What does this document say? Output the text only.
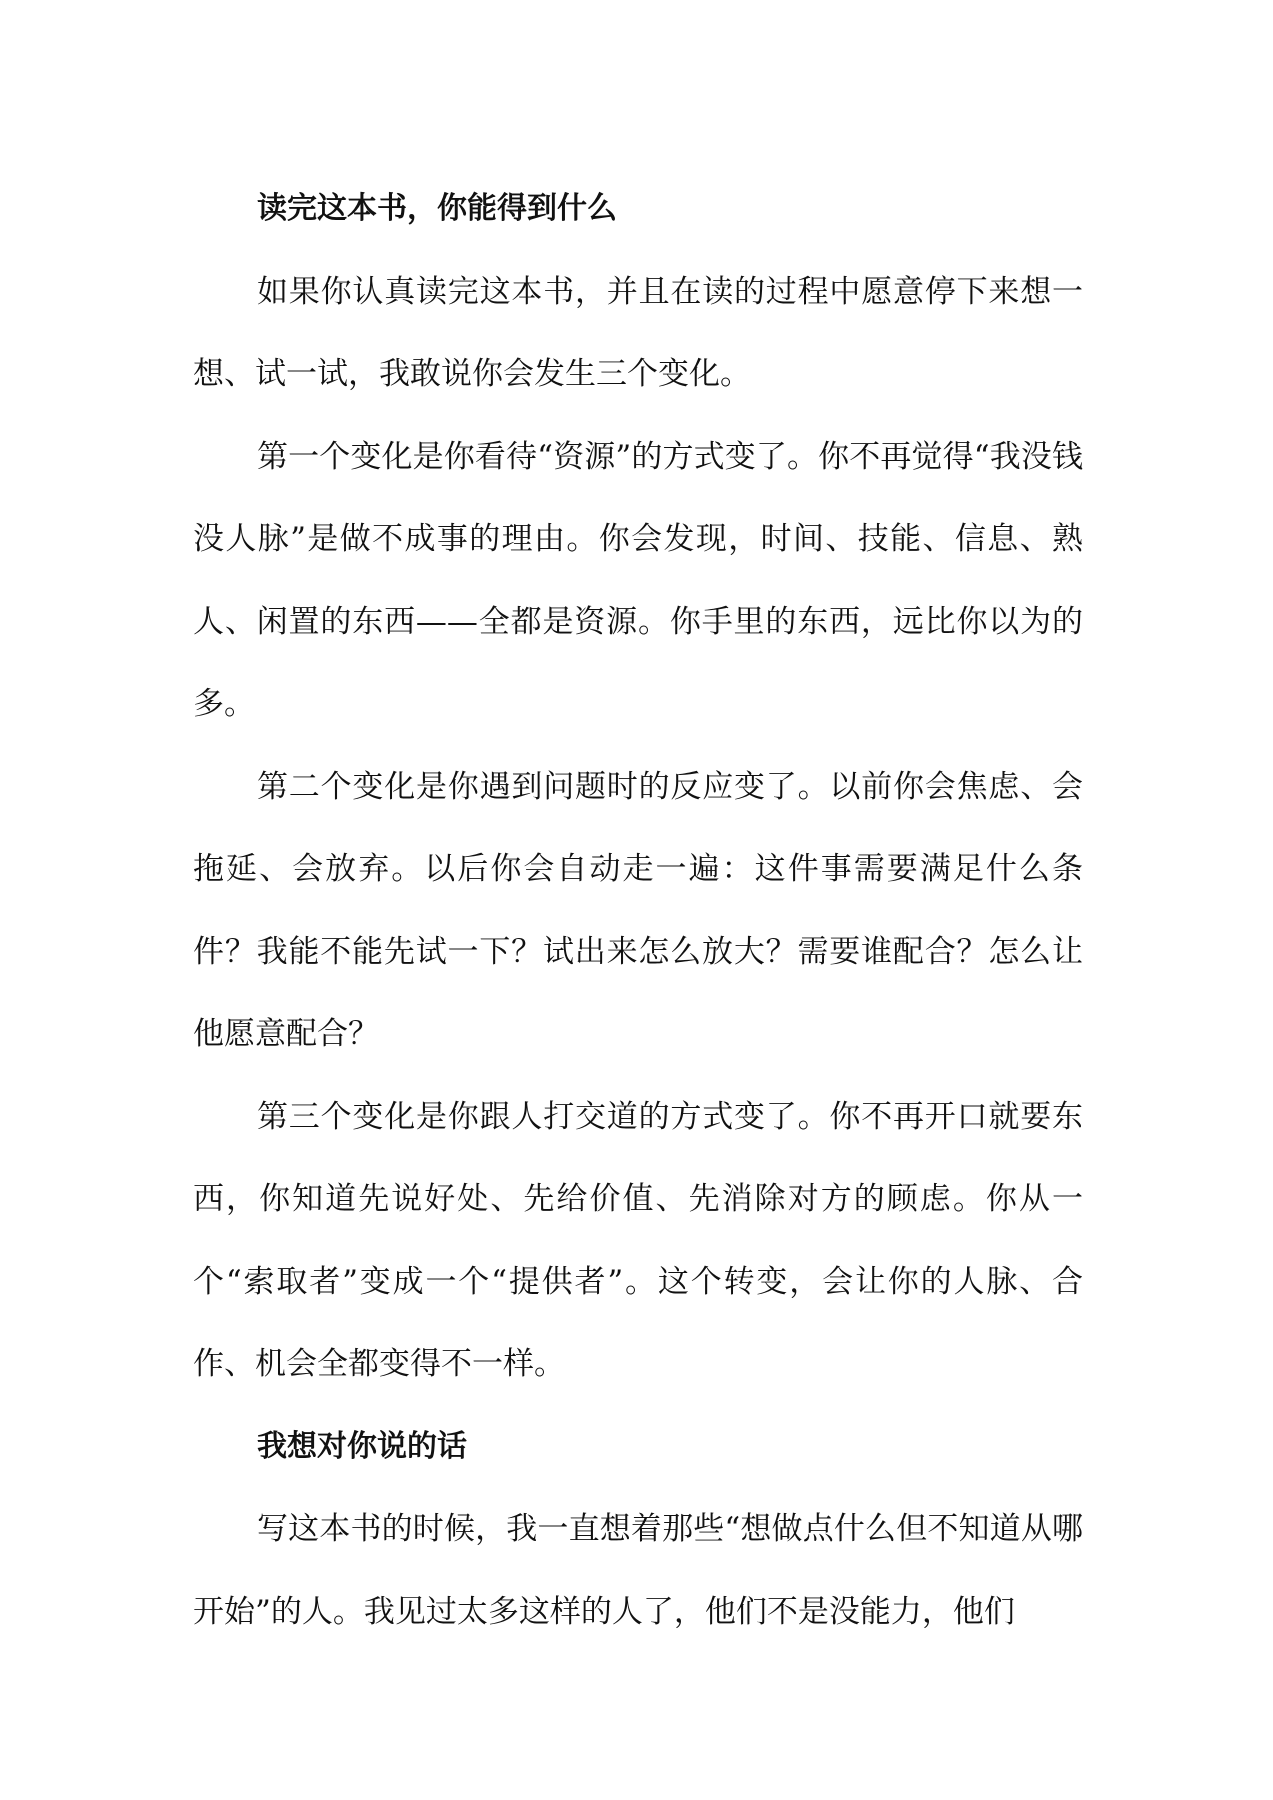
读完这本书，你能得到什么

如果你认真读完这本书，并且在读的过程中愿意停下来想一想、试一试，我敢说你会发生三个变化。

第一个变化是你看待“资源”的方式变了。你不再觉得“我没钱没人脉”是做不成事的理由。你会发现，时间、技能、信息、熟人、闲置的东西——全都是资源。你手里的东西，远比你以为的多。

第二个变化是你遇到问题时的反应变了。以前你会焦虑、会拖延、会放弃。以后你会自动走一遍：这件事需要满足什么条件？我能不能先试一下？试出来怎么放大？需要谁配合？怎么让他愿意配合？

第三个变化是你跟人打交道的方式变了。你不再开口就要东西，你知道先说好处、先给价值、先消除对方的顾虑。你从一个“索取者”变成一个“提供者”。这个转变，会让你的人脉、合作、机会全都变得不一样。

我想对你说的话

写这本书的时候，我一直想着那些“想做点什么但不知道从哪开始”的人。我见过太多这样的人了，他们不是没能力，他们
